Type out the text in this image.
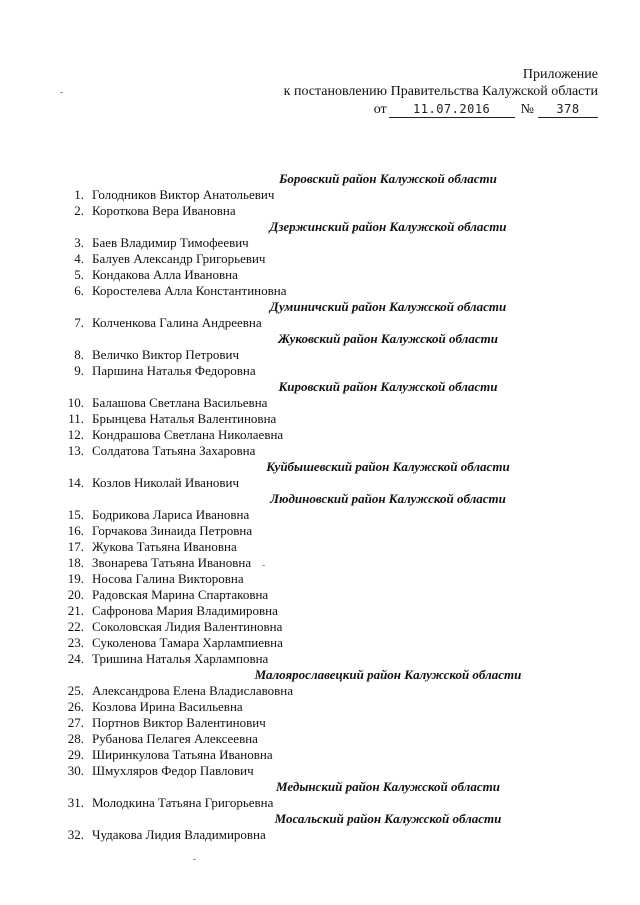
Приложение
к постановлению Правительства Калужской области
от	11.07.2016	№	378
Боровский район Калужской области
1. Голодников Виктор Анатольевич
2. Короткова Вера Ивановна
Дзержинский район Калужской области
3. Баев Владимир Тимофеевич
4. Балуев Александр Григорьевич
5. Кондакова Алла Ивановна
6. Коростелева Алла Константиновна
Думиничский район Калужской области
7. Колченкова Галина Андреевна
Жуковский район Калужской области
8. Величко Виктор Петрович
9. Паршина Наталья Федоровна
Кировский район Калужской области
10. Балашова Светлана Васильевна
11. Брынцева Наталья Валентиновна
12. Кондрашова Светлана Николаевна
13. Солдатова Татьяна Захаровна
Куйбышевский район Калужской области
14. Козлов Николай Иванович
Людиновский район Калужской области
15. Бодрикова Лариса Ивановна
16. Горчакова Зинаида Петровна
17. Жукова Татьяна Ивановна
18. Звонарева Татьяна Ивановна
19. Носова Галина Викторовна
20. Радовская Марина Спартаковна
21. Сафронова Мария Владимировна
22. Соколовская Лидия Валентиновна
23. Суколенова Тамара Харлампиевна
24. Тришина Наталья Харламповна
Малоярославецкий район Калужской области
25. Александрова Елена Владиславовна
26. Козлова Ирина Васильевна
27. Портнов Виктор Валентинович
28. Рубанова Пелагея Алексеевна
29. Ширинкулова Татьяна Ивановна
30. Шмухляров Федор Павлович
Медынский район Калужской области
31. Молодкина Татьяна Григорьевна
Мосальский район Калужской области
32. Чудакова Лидия Владимировна
